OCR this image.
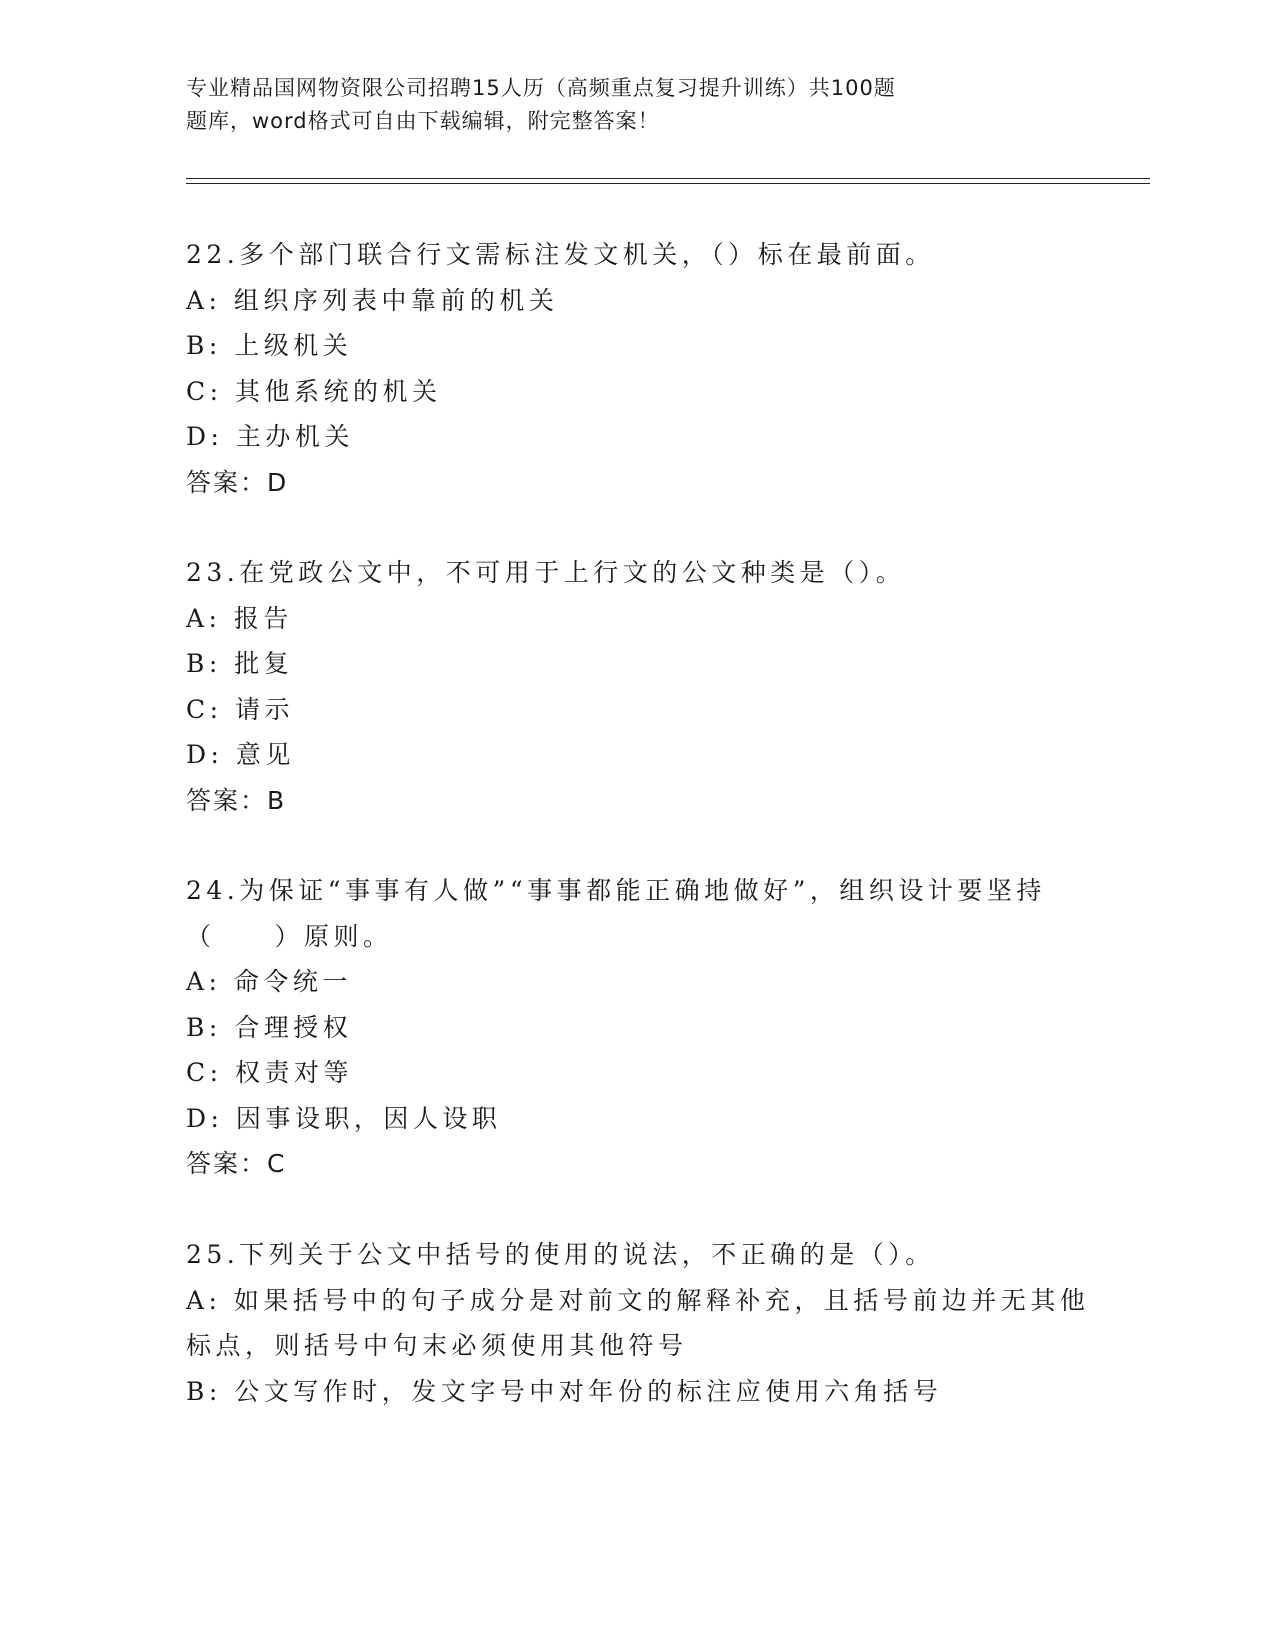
专业精品国网物资限公司招聘15人历（高频重点复习提升训练）共100题
题库，word格式可自由下载编辑，附完整答案！
22.多个部门联合行文需标注发文机关，（）标在最前面。
A: 组织序列表中靠前的机关
B: 上级机关
C: 其他系统的机关
D: 主办机关
答案：D
23.在党政公文中，不可用于上行文的公文种类是（）。
A: 报告
B: 批复
C: 请示
D: 意见
答案：B
24.为保证“事事有人做”“事事都能正确地做好”，组织设计要坚持
（　　）原则。
A: 命令统一
B: 合理授权
C: 权责对等
D: 因事设职，因人设职
答案：C
25.下列关于公文中括号的使用的说法，不正确的是（）。
A: 如果括号中的句子成分是对前文的解释补充，且括号前边并无其他
标点，则括号中句末必须使用其他符号
B: 公文写作时，发文字号中对年份的标注应使用六角括号
